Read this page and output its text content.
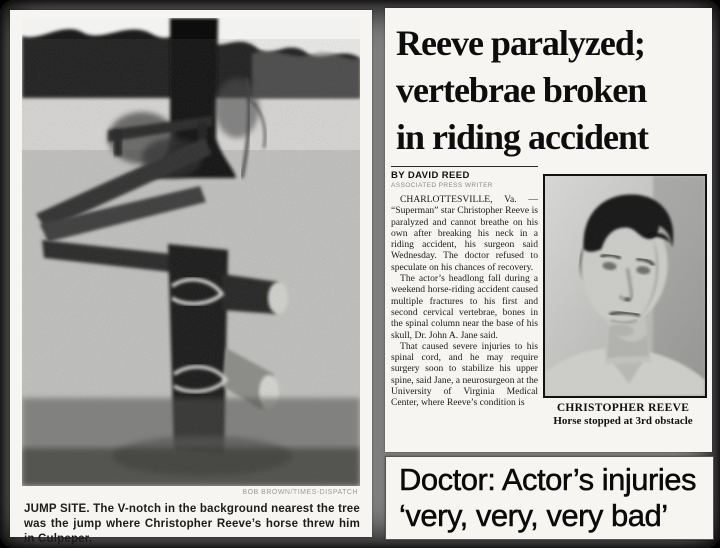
BOB BROWN/TIMES-DISPATCH
JUMP SITE. The V-notch in the background nearest the tree was the jump where Christopher Reeve’s horse threw him in Culpeper.
Reeve paralyzed;
vertebrae broken
in riding accident
BY DAVID REED
ASSOCIATED PRESS WRITER

CHARLOTTESVILLE, Va. — “Superman” star Christopher Reeve is paralyzed and cannot breathe on his own after breaking his neck in a riding accident, his surgeon said Wednesday. The doctor refused to speculate on his chances of recovery.

The actor’s headlong fall during a weekend horse-riding accident caused multiple fractures to his first and second cervical vertebrae, bones in the spinal column near the base of his skull, Dr. John A. Jane said.

That caused severe injuries to his spinal cord, and he may require surgery soon to stabilize his upper spine, said Jane, a neurosurgeon at the University of Virginia Medical Center, where Reeve’s condition is	CHRISTOPHER REEVE
Horse stopped at 3rd obstacle
Doctor: Actor’s injuries
‘very, very, very bad’
